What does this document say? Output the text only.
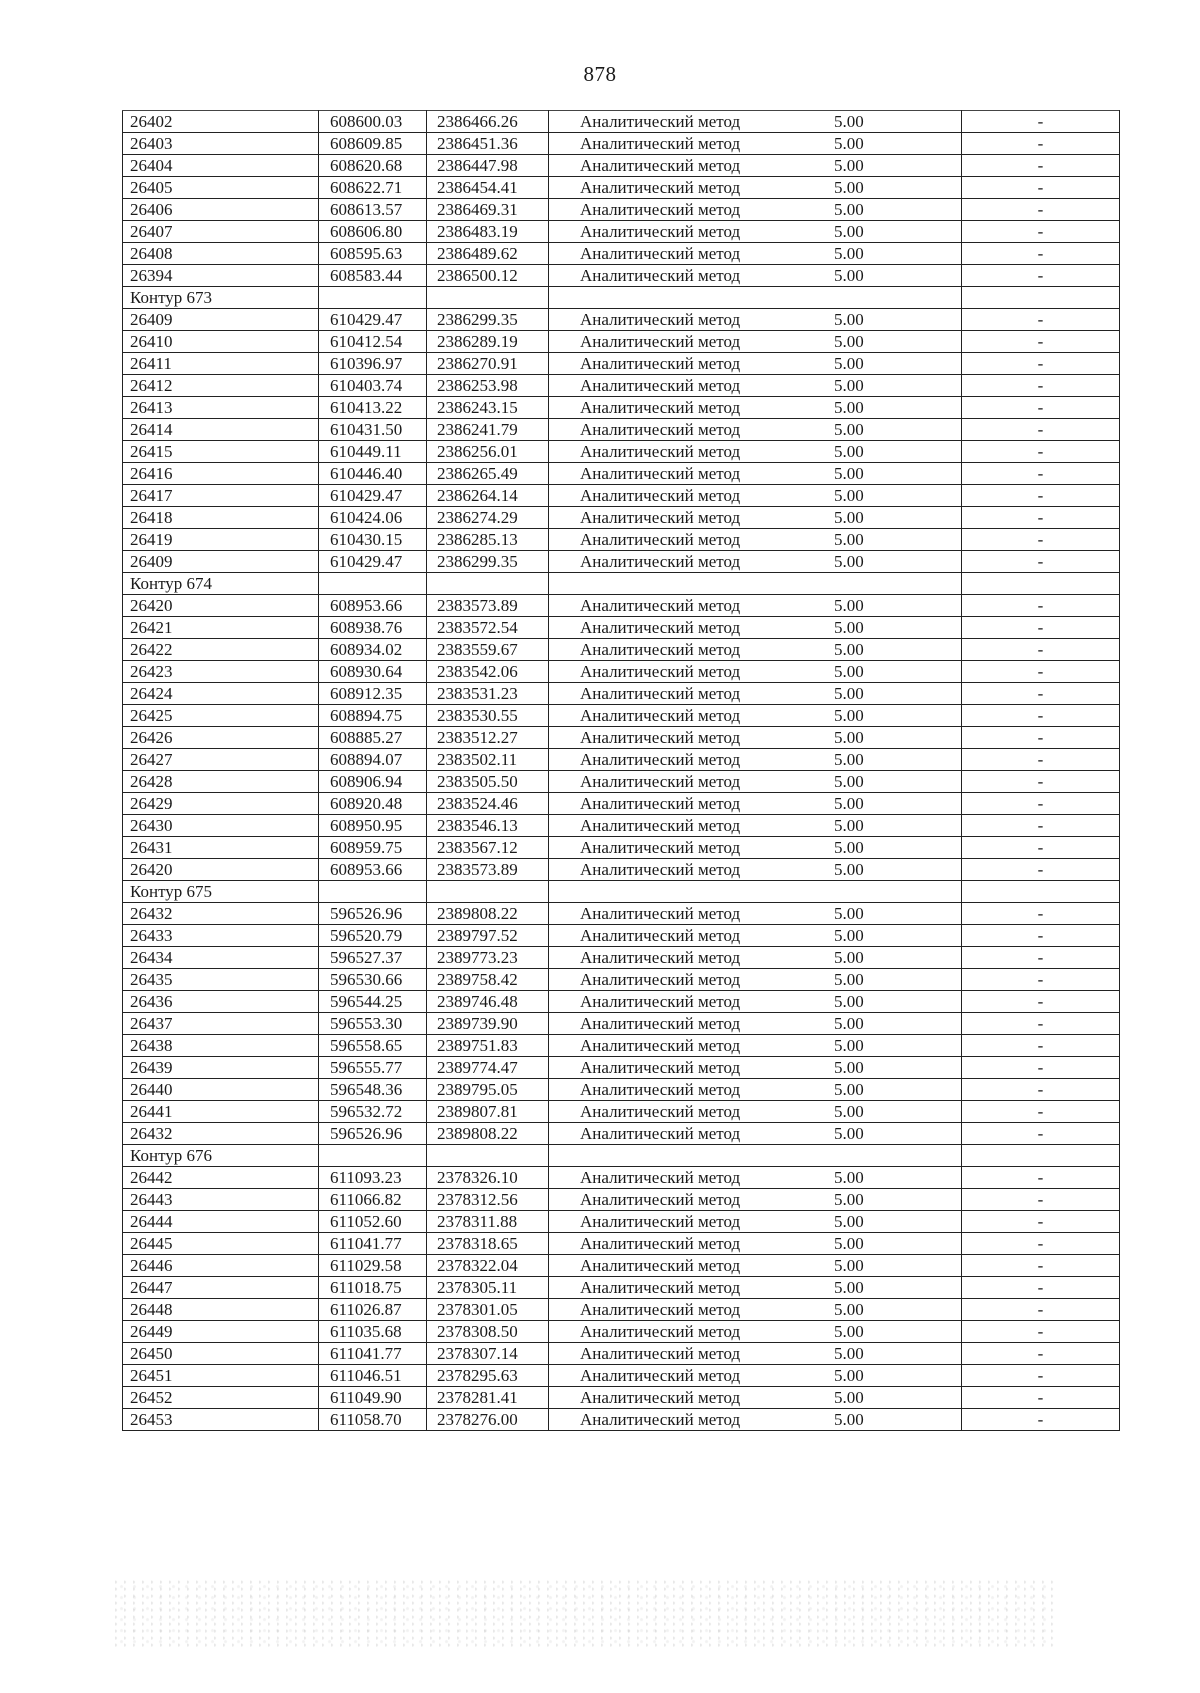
878
26402	608600.03	2386466.26	Аналитический метод 5.00	-
26403	608609.85	2386451.36	Аналитический метод 5.00	-
26404	608620.68	2386447.98	Аналитический метод 5.00	-
26405	608622.71	2386454.41	Аналитический метод 5.00	-
26406	608613.57	2386469.31	Аналитический метод 5.00	-
26407	608606.80	2386483.19	Аналитический метод 5.00	-
26408	608595.63	2386489.62	Аналитический метод 5.00	-
26394	608583.44	2386500.12	Аналитический метод 5.00	-
Контур 673				
26409	610429.47	2386299.35	Аналитический метод 5.00	-
26410	610412.54	2386289.19	Аналитический метод 5.00	-
26411	610396.97	2386270.91	Аналитический метод 5.00	-
26412	610403.74	2386253.98	Аналитический метод 5.00	-
26413	610413.22	2386243.15	Аналитический метод 5.00	-
26414	610431.50	2386241.79	Аналитический метод 5.00	-
26415	610449.11	2386256.01	Аналитический метод 5.00	-
26416	610446.40	2386265.49	Аналитический метод 5.00	-
26417	610429.47	2386264.14	Аналитический метод 5.00	-
26418	610424.06	2386274.29	Аналитический метод 5.00	-
26419	610430.15	2386285.13	Аналитический метод 5.00	-
26409	610429.47	2386299.35	Аналитический метод 5.00	-
Контур 674				
26420	608953.66	2383573.89	Аналитический метод 5.00	-
26421	608938.76	2383572.54	Аналитический метод 5.00	-
26422	608934.02	2383559.67	Аналитический метод 5.00	-
26423	608930.64	2383542.06	Аналитический метод 5.00	-
26424	608912.35	2383531.23	Аналитический метод 5.00	-
26425	608894.75	2383530.55	Аналитический метод 5.00	-
26426	608885.27	2383512.27	Аналитический метод 5.00	-
26427	608894.07	2383502.11	Аналитический метод 5.00	-
26428	608906.94	2383505.50	Аналитический метод 5.00	-
26429	608920.48	2383524.46	Аналитический метод 5.00	-
26430	608950.95	2383546.13	Аналитический метод 5.00	-
26431	608959.75	2383567.12	Аналитический метод 5.00	-
26420	608953.66	2383573.89	Аналитический метод 5.00	-
Контур 675				
26432	596526.96	2389808.22	Аналитический метод 5.00	-
26433	596520.79	2389797.52	Аналитический метод 5.00	-
26434	596527.37	2389773.23	Аналитический метод 5.00	-
26435	596530.66	2389758.42	Аналитический метод 5.00	-
26436	596544.25	2389746.48	Аналитический метод 5.00	-
26437	596553.30	2389739.90	Аналитический метод 5.00	-
26438	596558.65	2389751.83	Аналитический метод 5.00	-
26439	596555.77	2389774.47	Аналитический метод 5.00	-
26440	596548.36	2389795.05	Аналитический метод 5.00	-
26441	596532.72	2389807.81	Аналитический метод 5.00	-
26432	596526.96	2389808.22	Аналитический метод 5.00	-
Контур 676				
26442	611093.23	2378326.10	Аналитический метод 5.00	-
26443	611066.82	2378312.56	Аналитический метод 5.00	-
26444	611052.60	2378311.88	Аналитический метод 5.00	-
26445	611041.77	2378318.65	Аналитический метод 5.00	-
26446	611029.58	2378322.04	Аналитический метод 5.00	-
26447	611018.75	2378305.11	Аналитический метод 5.00	-
26448	611026.87	2378301.05	Аналитический метод 5.00	-
26449	611035.68	2378308.50	Аналитический метод 5.00	-
26450	611041.77	2378307.14	Аналитический метод 5.00	-
26451	611046.51	2378295.63	Аналитический метод 5.00	-
26452	611049.90	2378281.41	Аналитический метод 5.00	-
26453	611058.70	2378276.00	Аналитический метод 5.00	-
